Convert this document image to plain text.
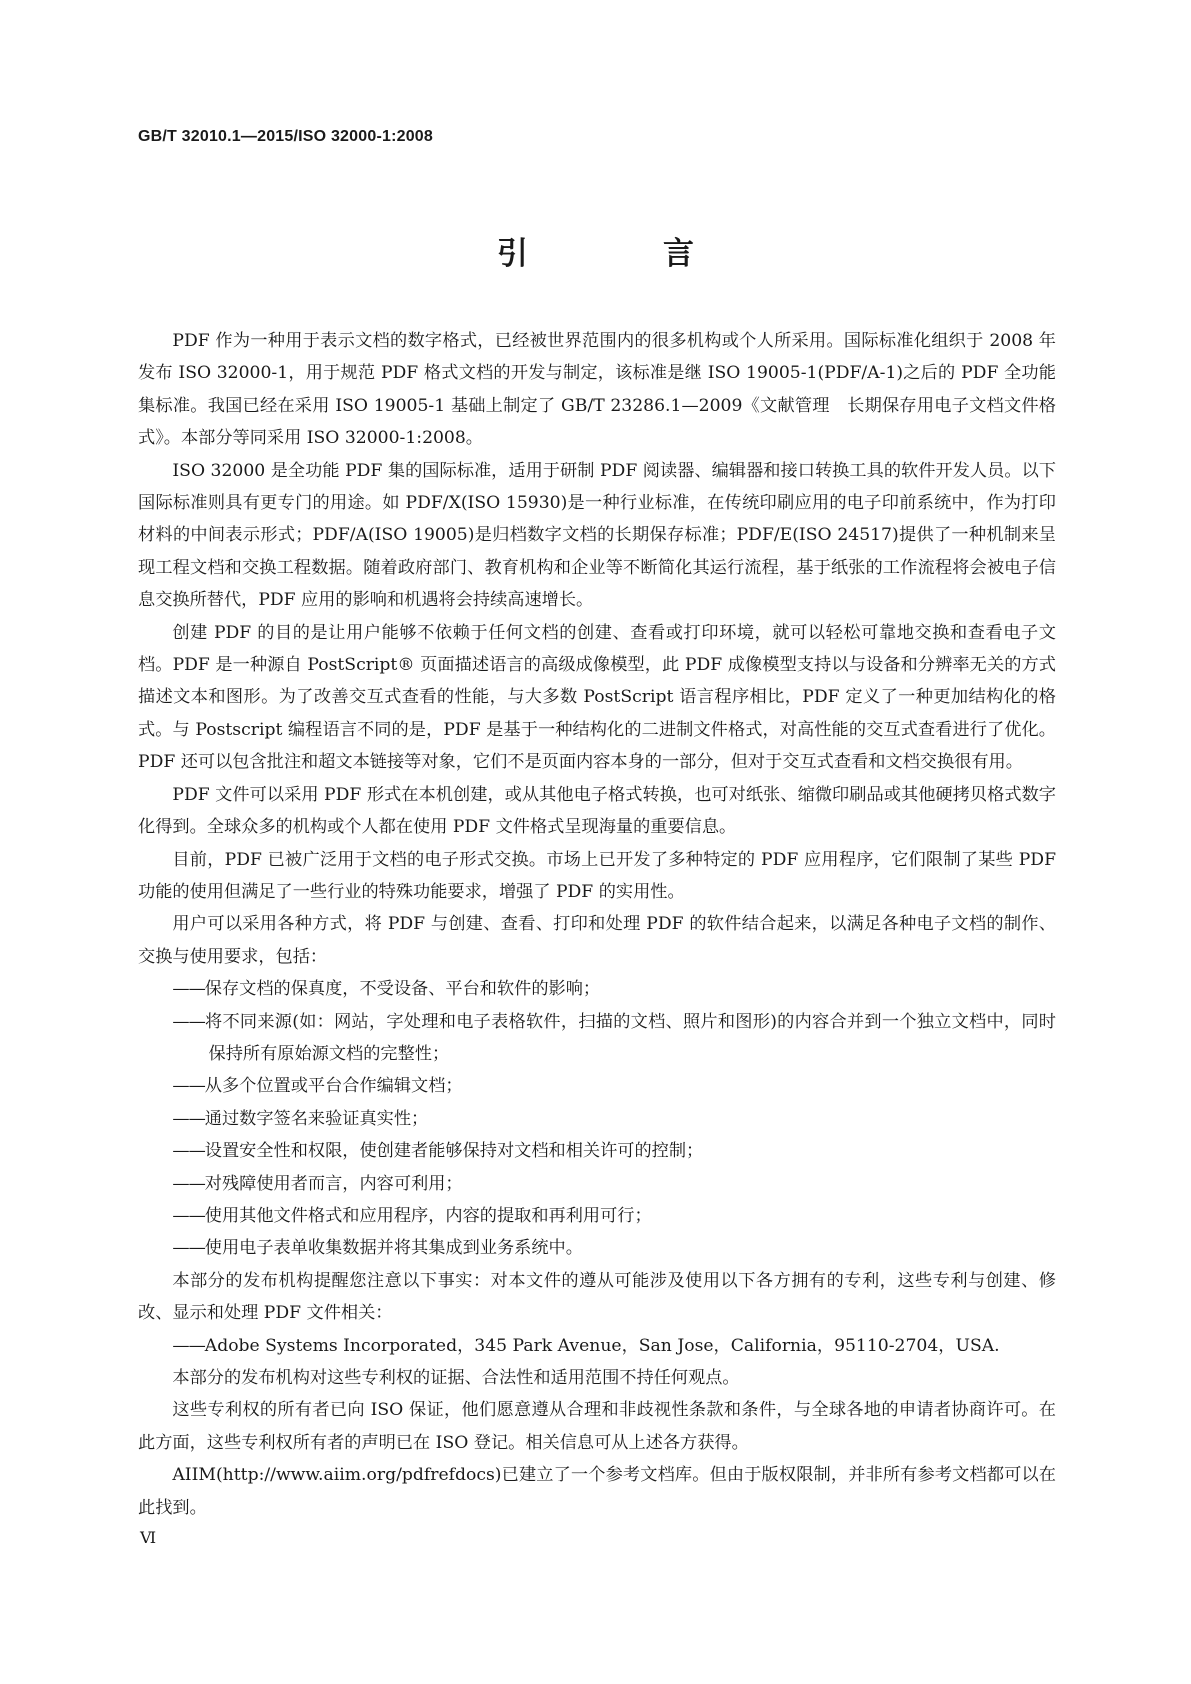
GB/T 32010.1—2015/ISO 32000-1:2008
引　言

PDF 作为一种用于表示文档的数字格式，已经被世界范围内的很多机构或个人所采用。国际标准化组织于 2008 年发布 ISO 32000-1，用于规范 PDF 格式文档的开发与制定，该标准是继 ISO 19005-1(PDF/A-1)之后的 PDF 全功能集标准。我国已经在采用 ISO 19005-1 基础上制定了 GB/T 23286.1—2009《文献管理　长期保存用电子文档文件格式》。本部分等同采用 ISO 32000-1:2008。

ISO 32000 是全功能 PDF 集的国际标准，适用于研制 PDF 阅读器、编辑器和接口转换工具的软件开发人员。以下国际标准则具有更专门的用途。如 PDF/X(ISO 15930)是一种行业标准，在传统印刷应用的电子印前系统中，作为打印材料的中间表示形式；PDF/A(ISO 19005)是归档数字文档的长期保存标准；PDF/E(ISO 24517)提供了一种机制来呈现工程文档和交换工程数据。随着政府部门、教育机构和企业等不断简化其运行流程，基于纸张的工作流程将会被电子信息交换所替代，PDF 应用的影响和机遇将会持续高速增长。

创建 PDF 的目的是让用户能够不依赖于任何文档的创建、查看或打印环境，就可以轻松可靠地交换和查看电子文档。PDF 是一种源自 PostScript® 页面描述语言的高级成像模型，此 PDF 成像模型支持以与设备和分辨率无关的方式描述文本和图形。为了改善交互式查看的性能，与大多数 PostScript 语言程序相比，PDF 定义了一种更加结构化的格式。与 Postscript 编程语言不同的是，PDF 是基于一种结构化的二进制文件格式，对高性能的交互式查看进行了优化。PDF 还可以包含批注和超文本链接等对象，它们不是页面内容本身的一部分，但对于交互式查看和文档交换很有用。

PDF 文件可以采用 PDF 形式在本机创建，或从其他电子格式转换，也可对纸张、缩微印刷品或其他硬拷贝格式数字化得到。全球众多的机构或个人都在使用 PDF 文件格式呈现海量的重要信息。

目前，PDF 已被广泛用于文档的电子形式交换。市场上已开发了多种特定的 PDF 应用程序，它们限制了某些 PDF 功能的使用但满足了一些行业的特殊功能要求，增强了 PDF 的实用性。

用户可以采用各种方式，将 PDF 与创建、查看、打印和处理 PDF 的软件结合起来，以满足各种电子文档的制作、交换与使用要求，包括：

——保存文档的保真度，不受设备、平台和软件的影响；
——将不同来源(如：网站，字处理和电子表格软件，扫描的文档、照片和图形)的内容合并到一个独立文档中，同时保持所有原始源文档的完整性；
——从多个位置或平台合作编辑文档；
——通过数字签名来验证真实性；
——设置安全性和权限，使创建者能够保持对文档和相关许可的控制；
——对残障使用者而言，内容可利用；
——使用其他文件格式和应用程序，内容的提取和再利用可行；
——使用电子表单收集数据并将其集成到业务系统中。

本部分的发布机构提醒您注意以下事实：对本文件的遵从可能涉及使用以下各方拥有的专利，这些专利与创建、修改、显示和处理 PDF 文件相关：

——Adobe Systems Incorporated，345 Park Avenue，San Jose，California，95110-2704，USA.

本部分的发布机构对这些专利权的证据、合法性和适用范围不持任何观点。

这些专利权的所有者已向 ISO 保证，他们愿意遵从合理和非歧视性条款和条件，与全球各地的申请者协商许可。在此方面，这些专利权所有者的声明已在 ISO 登记。相关信息可从上述各方获得。

AIIM(http://www.aiim.org/pdfrefdocs)已建立了一个参考文档库。但由于版权限制，并非所有参考文档都可以在此找到。

Ⅵ
